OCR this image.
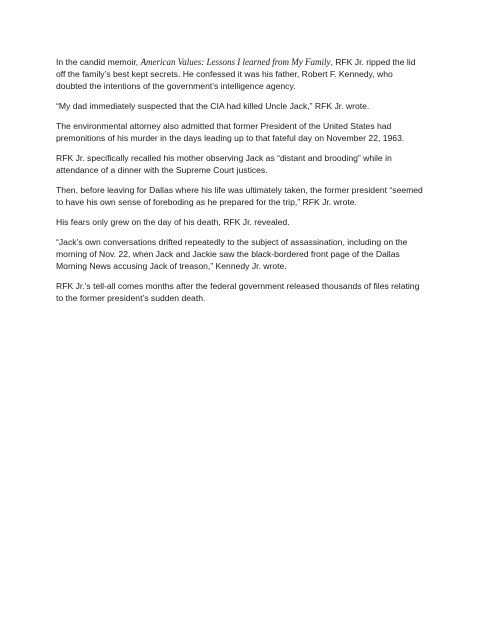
In the candid memoir, American Values: Lessons I learned from My Family, RFK Jr. ripped the lid off the family’s best kept secrets. He confessed it was his father, Robert F. Kennedy, who doubted the intentions of the government’s intelligence agency.

“My dad immediately suspected that the CIA had killed Uncle Jack,” RFK Jr. wrote.

The environmental attorney also admitted that former President of the United States had premonitions of his murder in the days leading up to that fateful day on November 22, 1963.

RFK Jr. specifically recalled his mother observing Jack as “distant and brooding” while in attendance of a dinner with the Supreme Court justices.

Then, before leaving for Dallas where his life was ultimately taken, the former president “seemed to have his own sense of foreboding as he prepared for the trip,” RFK Jr. wrote.

His fears only grew on the day of his death, RFK Jr. revealed.

“Jack’s own conversations drifted repeatedly to the subject of assassination, including on the morning of Nov. 22, when Jack and Jackie saw the black-bordered front page of the Dallas Morning News accusing Jack of treason,” Kennedy Jr. wrote.

RFK Jr.’s tell-all comes months after the federal government released thousands of files relating to the former president’s sudden death.
